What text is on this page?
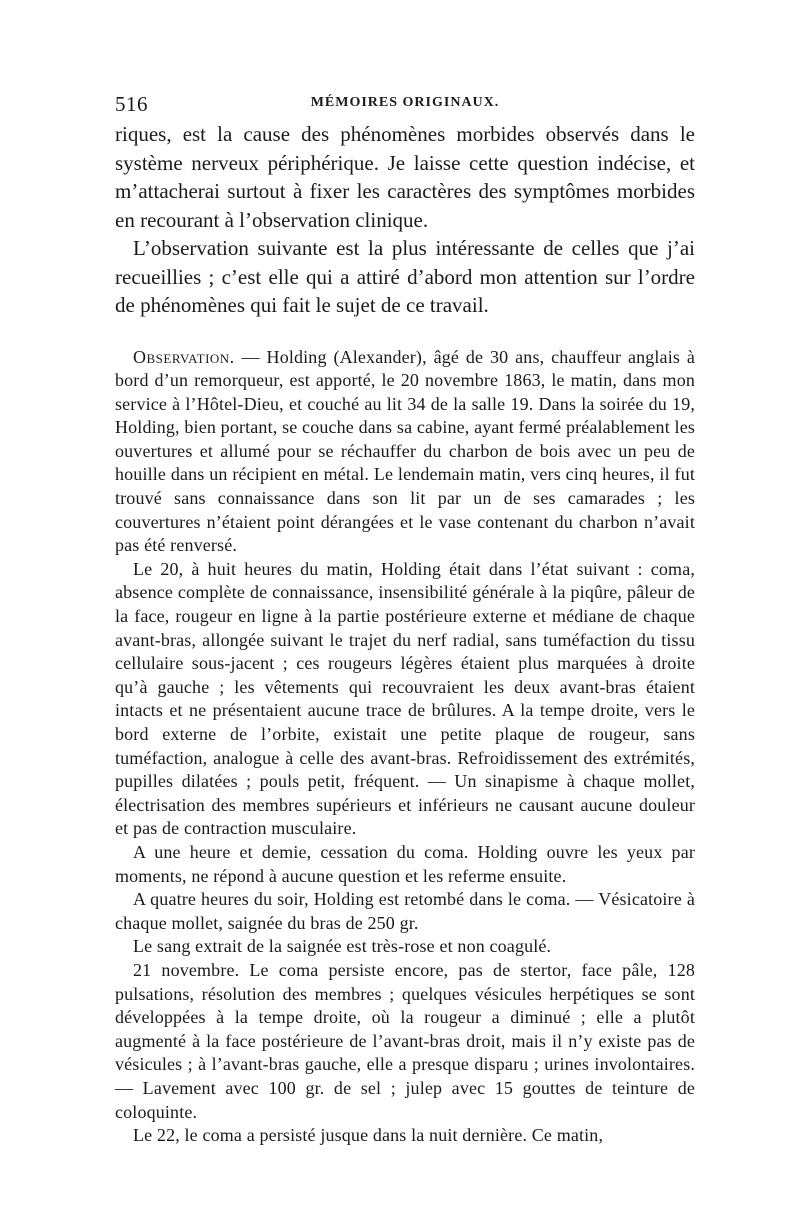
516	MÉMOIRES ORIGINAUX.

riques, est la cause des phénomènes morbides observés dans le système nerveux périphérique. Je laisse cette question indécise, et m’attacherai surtout à fixer les caractères des symptômes morbides en recourant à l’observation clinique.

L’observation suivante est la plus intéressante de celles que j’ai recueillies ; c’est elle qui a attiré d’abord mon attention sur l’ordre de phénomènes qui fait le sujet de ce travail.

Observation. — Holding (Alexander), âgé de 30 ans, chauffeur anglais à bord d’un remorqueur, est apporté, le 20 novembre 1863, le matin, dans mon service à l’Hôtel-Dieu, et couché au lit 34 de la salle 19. Dans la soirée du 19, Holding, bien portant, se couche dans sa cabine, ayant fermé préalablement les ouvertures et allumé pour se réchauffer du charbon de bois avec un peu de houille dans un récipient en métal. Le lendemain matin, vers cinq heures, il fut trouvé sans connaissance dans son lit par un de ses camarades ; les couvertures n’étaient point dérangées et le vase contenant du charbon n’avait pas été renversé.

Le 20, à huit heures du matin, Holding était dans l’état suivant : coma, absence complète de connaissance, insensibilité générale à la piqûre, pâleur de la face, rougeur en ligne à la partie postérieure externe et médiane de chaque avant-bras, allongée suivant le trajet du nerf radial, sans tuméfaction du tissu cellulaire sous-jacent ; ces rougeurs légères étaient plus marquées à droite qu’à gauche ; les vêtements qui recouvraient les deux avant-bras étaient intacts et ne présentaient aucune trace de brûlures. A la tempe droite, vers le bord externe de l’orbite, existait une petite plaque de rougeur, sans tuméfaction, analogue à celle des avant-bras. Refroidissement des extrémités, pupilles dilatées ; pouls petit, fréquent. — Un sinapisme à chaque mollet, électrisation des membres supérieurs et inférieurs ne causant aucune douleur et pas de contraction musculaire.

A une heure et demie, cessation du coma. Holding ouvre les yeux par moments, ne répond à aucune question et les referme ensuite.

A quatre heures du soir, Holding est retombé dans le coma. — Vésicatoire à chaque mollet, saignée du bras de 250 gr.

Le sang extrait de la saignée est très-rose et non coagulé.

21 novembre. Le coma persiste encore, pas de stertor, face pâle, 128 pulsations, résolution des membres ; quelques vésicules herpétiques se sont développées à la tempe droite, où la rougeur a diminué ; elle a plutôt augmenté à la face postérieure de l’avant-bras droit, mais il n’y existe pas de vésicules ; à l’avant-bras gauche, elle a presque disparu ; urines involontaires. — Lavement avec 100 gr. de sel ; julep avec 15 gouttes de teinture de coloquinte.

Le 22, le coma a persisté jusque dans la nuit dernière. Ce matin,
